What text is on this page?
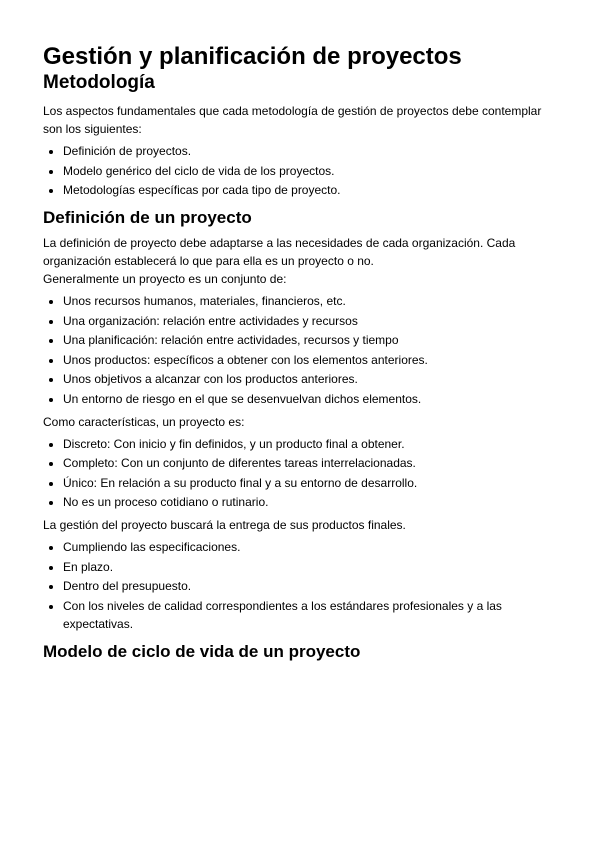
Gestión y planificación de proyectos
Metodología

Los aspectos fundamentales que cada metodología de gestión de proyectos debe contemplar son los siguientes:

• Definición de proyectos.
• Modelo genérico del ciclo de vida de los proyectos.
• Metodologías específicas por cada tipo de proyecto.
Definición de un proyecto

La definición de proyecto debe adaptarse a las necesidades de cada organización. Cada organización establecerá lo que para ella es un proyecto o no.
Generalmente un proyecto es un conjunto de:

• Unos recursos humanos, materiales, financieros, etc.
• Una organización: relación entre actividades y recursos
• Una planificación: relación entre actividades, recursos y tiempo
• Unos productos: específicos a obtener con los elementos anteriores.
• Unos objetivos a alcanzar con los productos anteriores.
• Un entorno de riesgo en el que se desenvuelvan dichos elementos.

Como características, un proyecto es:

• Discreto: Con inicio y fin definidos, y un producto final a obtener.
• Completo: Con un conjunto de diferentes tareas interrelacionadas.
• Único: En relación a su producto final y a su entorno de desarrollo.
• No es un proceso cotidiano o rutinario.

La gestión del proyecto buscará la entrega de sus productos finales.

• Cumpliendo las especificaciones.
• En plazo.
• Dentro del presupuesto.
• Con los niveles de calidad correspondientes a los estándares profesionales y a las expectativas.
Modelo de ciclo de vida de un proyecto
